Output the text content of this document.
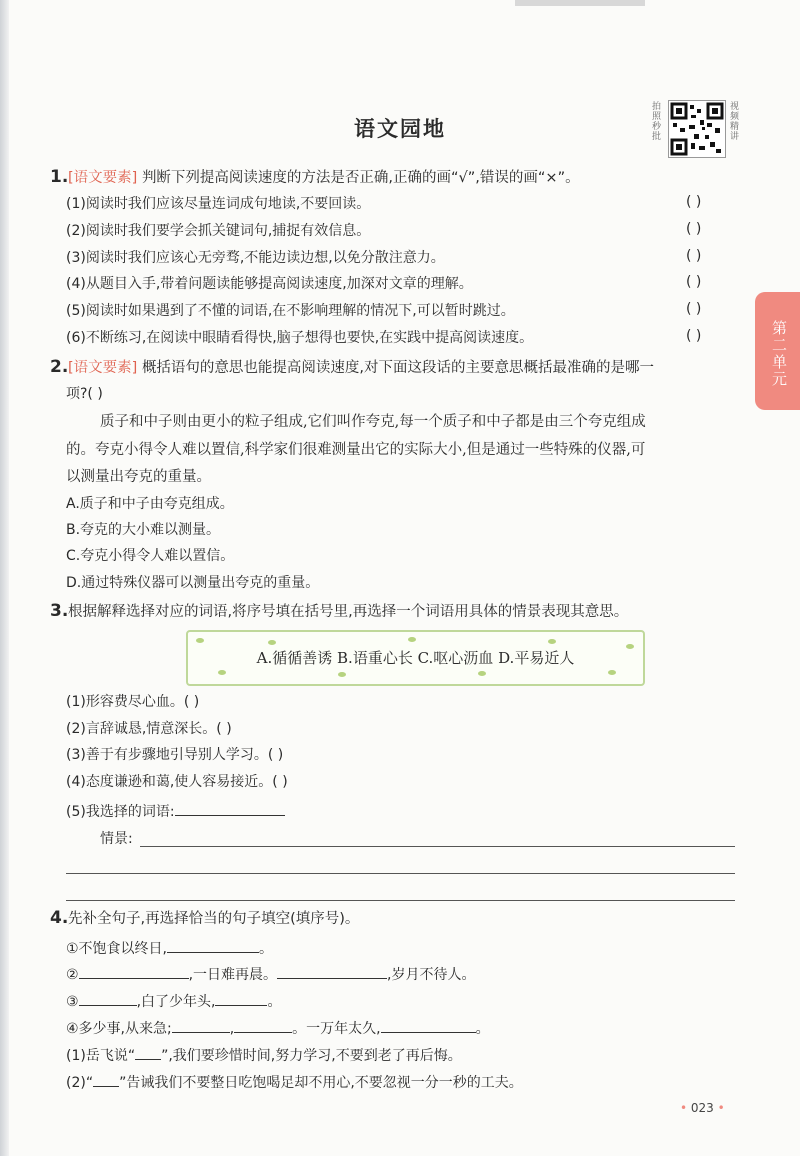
语文园地
拍照秒批
视频精讲
第二单元
1. [语文要素] 判断下列提高阅读速度的方法是否正确,正确的画“√”,错误的画“×”。
(1)阅读时我们应该尽量连词成句地读,不要回读。	( )
(2)阅读时我们要学会抓关键词句,捕捉有效信息。	( )
(3)阅读时我们应该心无旁骛,不能边读边想,以免分散注意力。	( )
(4)从题目入手,带着问题读能够提高阅读速度,加深对文章的理解。	( )
(5)阅读时如果遇到了不懂的词语,在不影响理解的情况下,可以暂时跳过。	( )
(6)不断练习,在阅读中眼睛看得快,脑子想得也要快,在实践中提高阅读速度。	( )
2. [语文要素] 概括语句的意思也能提高阅读速度,对下面这段话的主要意思概括最准确的是哪一
项?( )
质子和中子则由更小的粒子组成,它们叫作夸克,每一个质子和中子都是由三个夸克组成
的。夸克小得令人难以置信,科学家们很难测量出它的实际大小,但是通过一些特殊的仪器,可
以测量出夸克的重量。
A.质子和中子由夸克组成。
B.夸克的大小难以测量。
C.夸克小得令人难以置信。
D.通过特殊仪器可以测量出夸克的重量。
3. 根据解释选择对应的词语,将序号填在括号里,再选择一个词语用具体的情景表现其意思。
A.循循善诱 B.语重心长 C.呕心沥血 D.平易近人
(1)形容费尽心血。( )
(2)言辞诚恳,情意深长。( )
(3)善于有步骤地引导别人学习。( )
(4)态度谦逊和蔼,使人容易接近。( )
(5)我选择的词语:
情景:
4. 先补全句子,再选择恰当的句子填空(填序号)。
①不饱食以终日,	。
②	,一日难再晨。	,岁月不待人。
③	,白了少年头,	。
④多少事,从来急;	,	。一万年太久,	。
(1)岳飞说“ ”,我们要珍惜时间,努力学习,不要到老了再后悔。
(2)“ ”告诫我们不要整日吃饱喝足却不用心,不要忽视一分一秒的工夫。
• 023 •
